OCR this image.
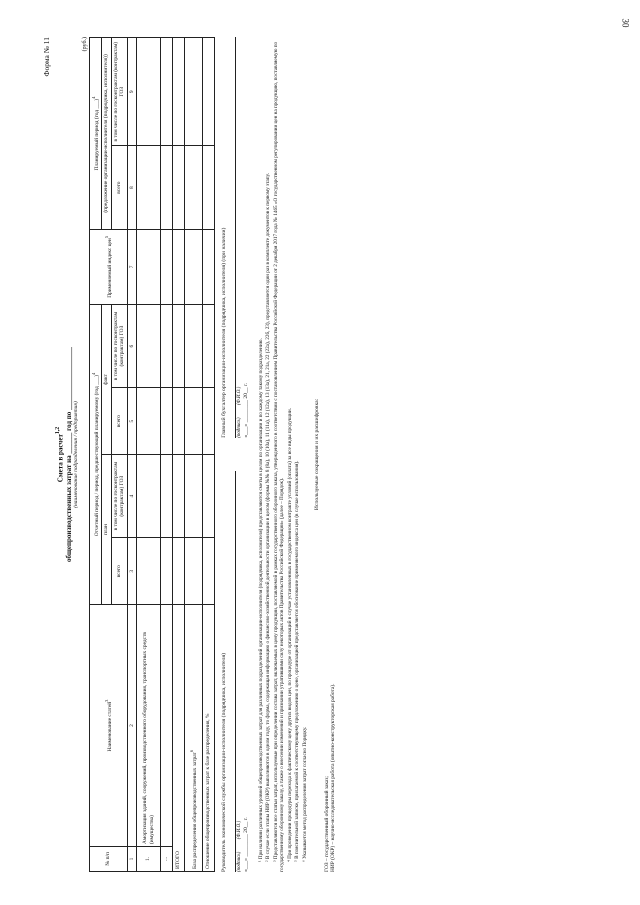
30
Форма № 11
Смета в расчет$^{1,2}$
общепроизводственных затрат на ______ год по __________________
(наименование подразделения / предприятия)
(руб.)
№ п/п	Наименование статей$^3$	Отчетный период / период, предшествующий планируемому (год ___)$^4$				Применяемый индекс цен$^5$	Планируемый период (год ___)$^4$
		план		факт			(предложение организации-исполнителя (подрядчика, исполнителя))	
		всего	в том числе по госконтрактам (контрактам) ГОЗ	всего	в том числе по госконтрактам (контрактам) ГОЗ		всего	в том числе по госконтрактам (контрактам) ГОЗ
1	2	3	4	5	6	7	8	9
1.	Амортизация зданий, сооружений, производственного оборудования, транспортных средств (имущества)							
...								
ИТОГО								
База распределения общепроизводственных затрат$^6$							
Отношение общепроизводственных затрат к базе распределения, %								Руководитель экономической службы организации-исполнителя (подрядчика, исполнителя) (подпись)          (Ф.И.О.) «___» ________ 20__ г.
Главный бухгалтер организации-исполнителя (подрядчика, исполнителя) (при наличии) (подпись)          (Ф.И.О.) «___» ________ 20__ г. ¹ При наличии различных уровней общепроизводственных затрат для различных подразделений организации-исполнителя (подрядчика, исполнителя) представляются сметы в целом по организации и по каждому такому подразделению. ² В случае если этапы НИР (ОКР) выполняются в одном году, то форма, содержащая информацию о финансово-хозяйственной деятельности организации в целом (формы №№ 8 (8а), 10 (10а), 11 (11а), 12 (12а), 13 (13а), 21, 21а, 22 (22а), 22б, 23), представляется один раз в комплекте документов к первому этапу. ³ Представляются все статьи затрат, используемые при определении состава затрат, включаемых в цену продукции, поставляемой в рамках государственного оборонного заказа, утвержденного в соответствии с постановлением Правительства Российской Федерации от 2 декабря 2017 года № 1465 «О государственном регулировании цен на продукцию, поставляемую по государственному оборонному заказу, а также о внесении изменений и признании утратившими силу некоторых актов Правительства Российской Федерации» (далее – Порядок). ⁴ При проведении процедуры перехода к фактическому цену других видов цен, по процедуре от организаций в случае установленных в государственном контракте условий (оплата) за все виды продукции. ⁵ В пояснительной записке, прилагаемой к соответствующему предложению о цене, организацией представляется обоснование применяемого индекса цен (в случае использования). ⁶ Указывается метод распределения затрат согласно Порядку.

Используемые сокращения и их расшифровка:
ГОЗ – государственный оборонный заказ; НИР (ОКР) – научно-исследовательская работа (опытно-конструкторская работа).
